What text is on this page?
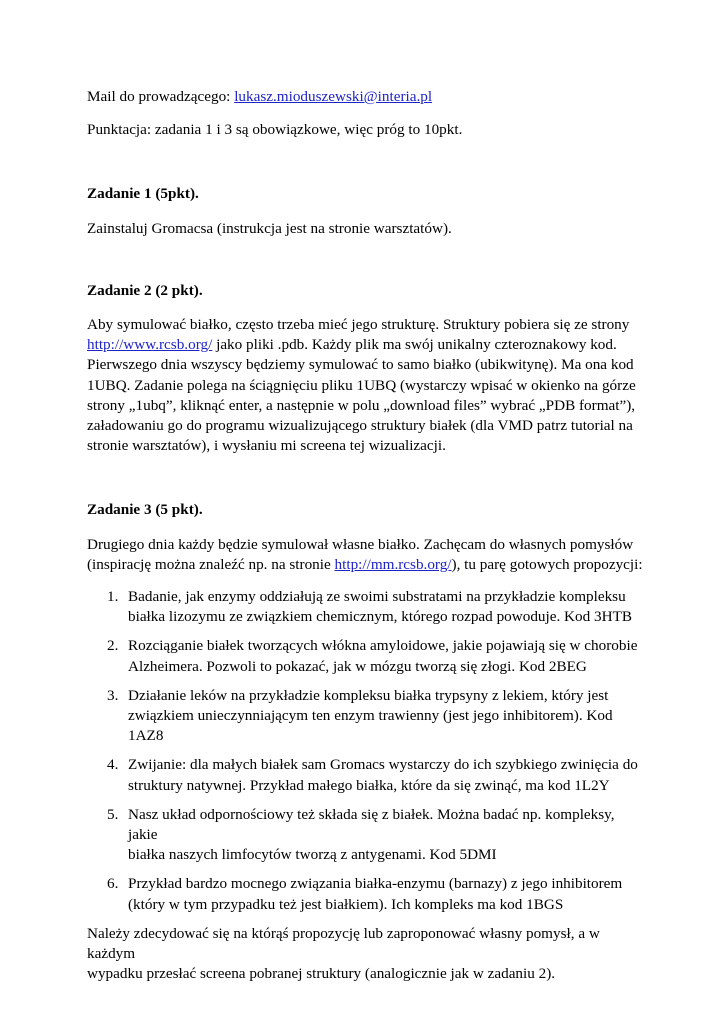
Mail do prowadzącego: lukasz.mioduszewski@interia.pl

Punktacja: zadania 1 i 3 są obowiązkowe, więc próg to 10pkt.

Zadanie 1 (5pkt).

Zainstaluj Gromacsa (instrukcja jest na stronie warsztatów).

Zadanie 2 (2 pkt).

Aby symulować białko, często trzeba mieć jego strukturę. Struktury pobiera się ze strony

http://www.rcsb.org/ jako pliki .pdb. Każdy plik ma swój unikalny czteroznakowy kod.

Pierwszego dnia wszyscy będziemy symulować to samo białko (ubikwitynę). Ma ona kod

1UBQ. Zadanie polega na ściągnięciu pliku 1UBQ (wystarczy wpisać w okienko na górze

strony „1ubq”, kliknąć enter, a następnie w polu „download files” wybrać „PDB format”),

załadowaniu go do programu wizualizującego struktury białek (dla VMD patrz tutorial na

stronie warsztatów), i wysłaniu mi screena tej wizualizacji.

Zadanie 3 (5 pkt).

Drugiego dnia każdy będzie symulował własne białko. Zachęcam do własnych pomysłów

(inspirację można znaleźć np. na stronie http://mm.rcsb.org/), tu parę gotowych propozycji:

1. Badanie, jak enzymy oddziałują ze swoimi substratami na przykładzie kompleksu
białka lizozymu ze związkiem chemicznym, którego rozpad powoduje. Kod 3HTB
2. Rozciąganie białek tworzących włókna amyloidowe, jakie pojawiają się w chorobie
Alzheimera. Pozwoli to pokazać, jak w mózgu tworzą się złogi. Kod 2BEG
3. Działanie leków na przykładzie kompleksu białka trypsyny z lekiem, który jest
związkiem unieczynniającym ten enzym trawienny (jest jego inhibitorem). Kod 1AZ8
4. Zwijanie: dla małych białek sam Gromacs wystarczy do ich szybkiego zwinięcia do
struktury natywnej. Przykład małego białka, które da się zwinąć, ma kod 1L2Y
5. Nasz układ odpornościowy też składa się z białek. Można badać np. kompleksy, jakie
białka naszych limfocytów tworzą z antygenami. Kod 5DMI
6. Przykład bardzo mocnego związania białka-enzymu (barnazy) z jego inhibitorem
(który w tym przypadku też jest białkiem). Ich kompleks ma kod 1BGS

Należy zdecydować się na którąś propozycję lub zaproponować własny pomysł, a w każdym

wypadku przesłać screena pobranej struktury (analogicznie jak w zadaniu 2).
